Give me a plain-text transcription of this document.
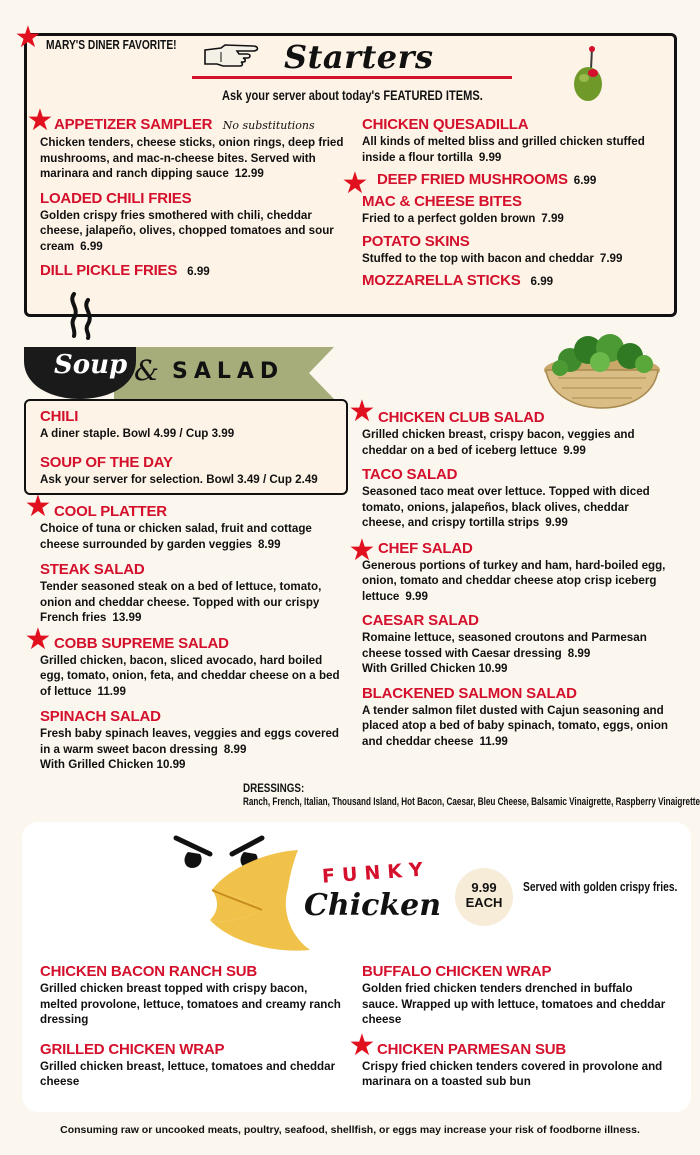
★ MARY'S DINER FAVORITE!	Starters
Ask your server about today's FEATURED ITEMS.
★ APPETIZER SAMPLER No substitutions
Chicken tenders, cheese sticks, onion rings, deep fried mushrooms, and mac-n-cheese bites. Served with marinara and ranch dipping sauce 12.99
LOADED CHILI FRIES
Golden crispy fries smothered with chili, cheddar cheese, jalapeño, olives, chopped tomatoes and sour cream 6.99
DILL PICKLE FRIES 6.99
CHICKEN QUESADILLA
All kinds of melted bliss and grilled chicken stuffed inside a flour tortilla 9.99
DEEP FRIED MUSHROOMS 6.99
MAC & CHEESE BITES
Fried to a perfect golden brown 7.99
POTATO SKINS
Stuffed to the top with bacon and cheddar 7.99
MOZZARELLA STICKS 6.99
★
Soup & SALAD
CHILI
A diner staple. Bowl 4.99 / Cup 3.99
SOUP OF THE DAY
Ask your server for selection. Bowl 3.49 / Cup 2.49
★
★
COOL PLATTER
Choice of tuna or chicken salad, fruit and cottage cheese surrounded by garden veggies 8.99
STEAK SALAD
Tender seasoned steak on a bed of lettuce, tomato, onion and cheddar cheese. Topped with our crispy French fries 13.99
COBB SUPREME SALAD
Grilled chicken, bacon, sliced avocado, hard boiled egg, tomato, onion, feta, and cheddar cheese on a bed of lettuce 11.99
SPINACH SALAD
Fresh baby spinach leaves, veggies and eggs covered in a warm sweet bacon dressing 8.99
With Grilled Chicken 10.99
★
★
CHICKEN CLUB SALAD
Grilled chicken breast, crispy bacon, veggies and cheddar on a bed of iceberg lettuce 9.99
TACO SALAD
Seasoned taco meat over lettuce. Topped with diced tomato, onions, jalapeños, black olives, cheddar cheese, and crispy tortilla strips 9.99
CHEF SALAD
Generous portions of turkey and ham, hard-boiled egg, onion, tomato and cheddar cheese atop crisp iceberg lettuce 9.99
CAESAR SALAD
Romaine lettuce, seasoned croutons and Parmesan cheese tossed with Caesar dressing 8.99
With Grilled Chicken 10.99
BLACKENED SALMON SALAD
A tender salmon filet dusted with Cajun seasoning and placed atop a bed of baby spinach, tomato, eggs, onion and cheddar cheese 11.99
DRESSINGS:
Ranch, French, Italian, Thousand Island, Hot Bacon, Caesar, Bleu Cheese, Balsamic Vinaigrette, Raspberry Vinaigrette
FUNKY
Chicken
9.99
EACH
Served with golden crispy fries.
CHICKEN BACON RANCH SUB
Grilled chicken breast topped with crispy bacon, melted provolone, lettuce, tomatoes and creamy ranch dressing
GRILLED CHICKEN WRAP
Grilled chicken breast, lettuce, tomatoes and cheddar cheese
★
BUFFALO CHICKEN WRAP
Golden fried chicken tenders drenched in buffalo sauce. Wrapped up with lettuce, tomatoes and cheddar cheese
CHICKEN PARMESAN SUB
Crispy fried chicken tenders covered in provolone and marinara on a toasted sub bun
Consuming raw or uncooked meats, poultry, seafood, shellfish, or eggs may increase your risk of foodborne illness.
